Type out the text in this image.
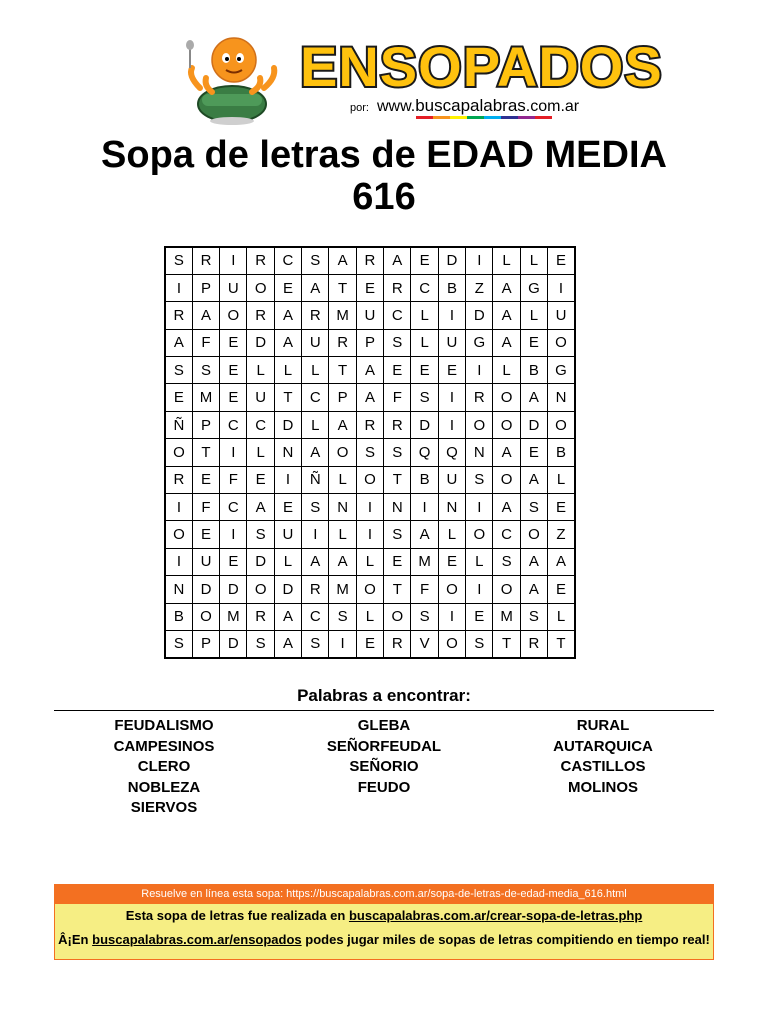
ENSOPADOS
por: www.buscapalabras.com.ar
Sopa de letras de EDAD MEDIA
616
S	R	I	R	C	S	A	R	A	E	D	I	L	L	E
I	P	U	O	E	A	T	E	R	C	B	Z	A	G	I
R	A	O	R	A	R	M	U	C	L	I	D	A	L	U
A	F	E	D	A	U	R	P	S	L	U	G	A	E	O
S	S	E	L	L	L	T	A	E	E	E	I	L	B	G
E	M	E	U	T	C	P	A	F	S	I	R	O	A	N
Ñ	P	C	C	D	L	A	R	R	D	I	O	O	D	O
O	T	I	L	N	A	O	S	S	Q	Q	N	A	E	B
R	E	F	E	I	Ñ	L	O	T	B	U	S	O	A	L
I	F	C	A	E	S	N	I	N	I	N	I	A	S	E
O	E	I	S	U	I	L	I	S	A	L	O	C	O	Z
I	U	E	D	L	A	A	L	E	M	E	L	S	A	A
N	D	D	O	D	R	M	O	T	F	O	I	O	A	E
B	O	M	R	A	C	S	L	O	S	I	E	M	S	L
S	P	D	S	A	S	I	E	R	V	O	S	T	R	T
Palabras a encontrar:
FEUDALISMO
CAMPESINOS
CLERO
NOBLEZA
SIERVOS
GLEBA
SEÑORFEUDAL
SEÑORIO
FEUDO
RURAL
AUTARQUICA
CASTILLOS
MOLINOS
Resuelve en línea esta sopa: https://buscapalabras.com.ar/sopa-de-letras-de-edad-media_616.html
Esta sopa de letras fue realizada en buscapalabras.com.ar/crear-sopa-de-letras.php
Â¡En buscapalabras.com.ar/ensopados podes jugar miles de sopas de letras compitiendo en tiempo real!
